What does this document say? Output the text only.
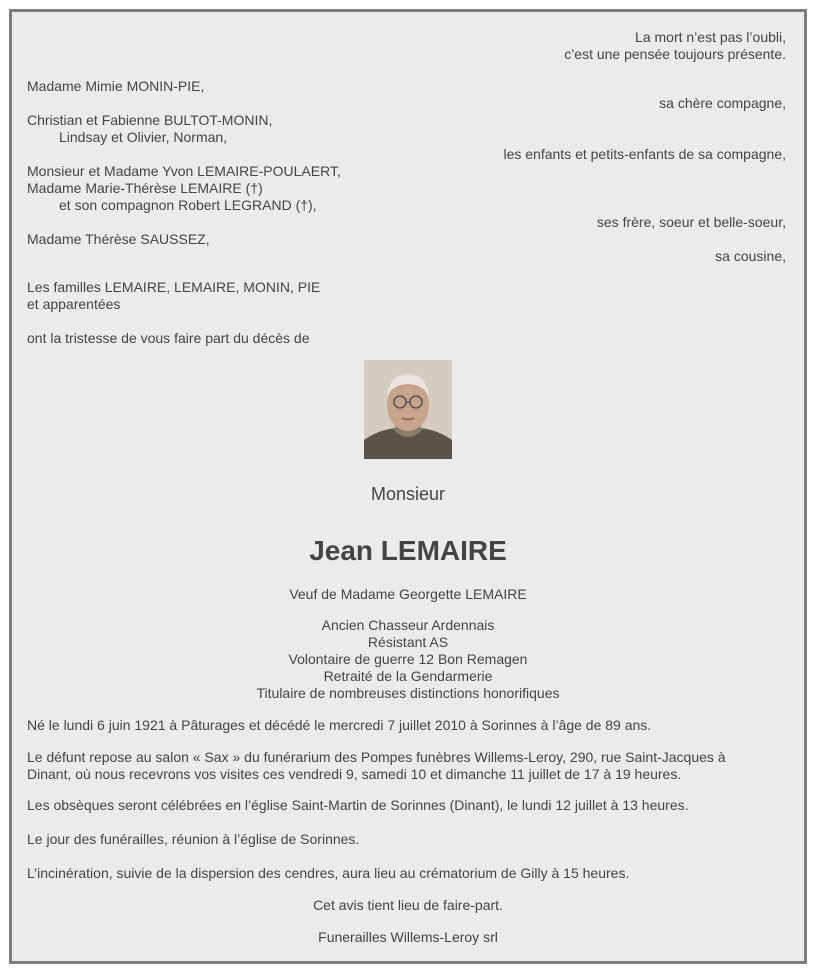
La mort n’est pas l’oubli,
c’est une pensée toujours présente.
Madame Mimie MONIN-PIE,
sa chère compagne,
Christian et Fabienne BULTOT-MONIN,
Lindsay et Olivier, Norman,
les enfants et petits-enfants de sa compagne,
Monsieur et Madame Yvon LEMAIRE-POULAERT,
Madame Marie-Thérèse LEMAIRE (†)
et son compagnon Robert LEGRAND (†),
ses frère, soeur et belle-soeur,
Madame Thérèse SAUSSEZ,
sa cousine,
Les familles LEMAIRE, LEMAIRE, MONIN, PIE
et apparentées
ont la tristesse de vous faire part du décès de
Monsieur
Jean LEMAIRE
Veuf de Madame Georgette LEMAIRE
Ancien Chasseur Ardennais
Résistant AS
Volontaire de guerre 12 Bon Remagen
Retraité de la Gendarmerie
Titulaire de nombreuses distinctions honorifiques
Né le lundi 6 juin 1921 à Pâturages et décédé le mercredi 7 juillet 2010 à Sorinnes à l’âge de 89 ans.
Le défunt repose au salon « Sax » du funérarium des Pompes funèbres Willems-Leroy, 290, rue Saint-Jacques à
Dinant, où nous recevrons vos visites ces vendredi 9, samedi 10 et dimanche 11 juillet de 17 à 19 heures.
Les obsèques seront célébrées en l’église Saint-Martin de Sorinnes (Dinant), le lundi 12 juillet à 13 heures.
Le jour des funérailles, réunion à l’église de Sorinnes.
L’incinération, suivie de la dispersion des cendres, aura lieu au crématorium de Gilly à 15 heures.
Cet avis tient lieu de faire-part.
Funerailles Willems-Leroy srl
